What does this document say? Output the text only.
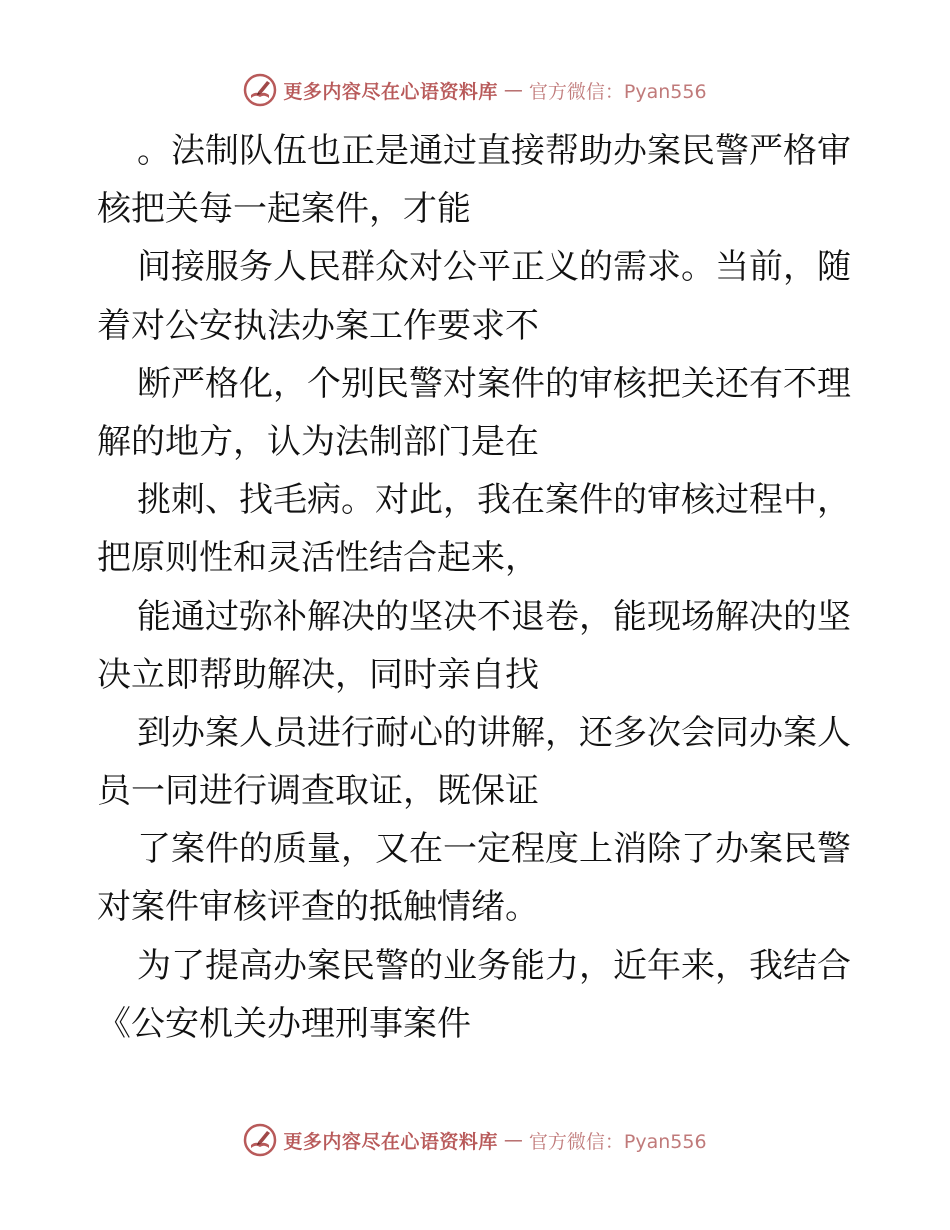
更多内容尽在心语资料库 — 官方微信：Pyan556
。法制队伍也正是通过直接帮助办案民警严格审
核把关每一起案件，才能
间接服务人民群众对公平正义的需求。当前，随
着对公安执法办案工作要求不
断严格化，个别民警对案件的审核把关还有不理
解的地方，认为法制部门是在
挑刺、找毛病。对此，我在案件的审核过程中，
把原则性和灵活性结合起来，
能通过弥补解决的坚决不退卷，能现场解决的坚
决立即帮助解决，同时亲自找
到办案人员进行耐心的讲解，还多次会同办案人
员一同进行调查取证，既保证
了案件的质量，又在一定程度上消除了办案民警
对案件审核评查的抵触情绪。
为了提高办案民警的业务能力，近年来，我结合
《公安机关办理刑事案件
更多内容尽在心语资料库 — 官方微信：Pyan556
